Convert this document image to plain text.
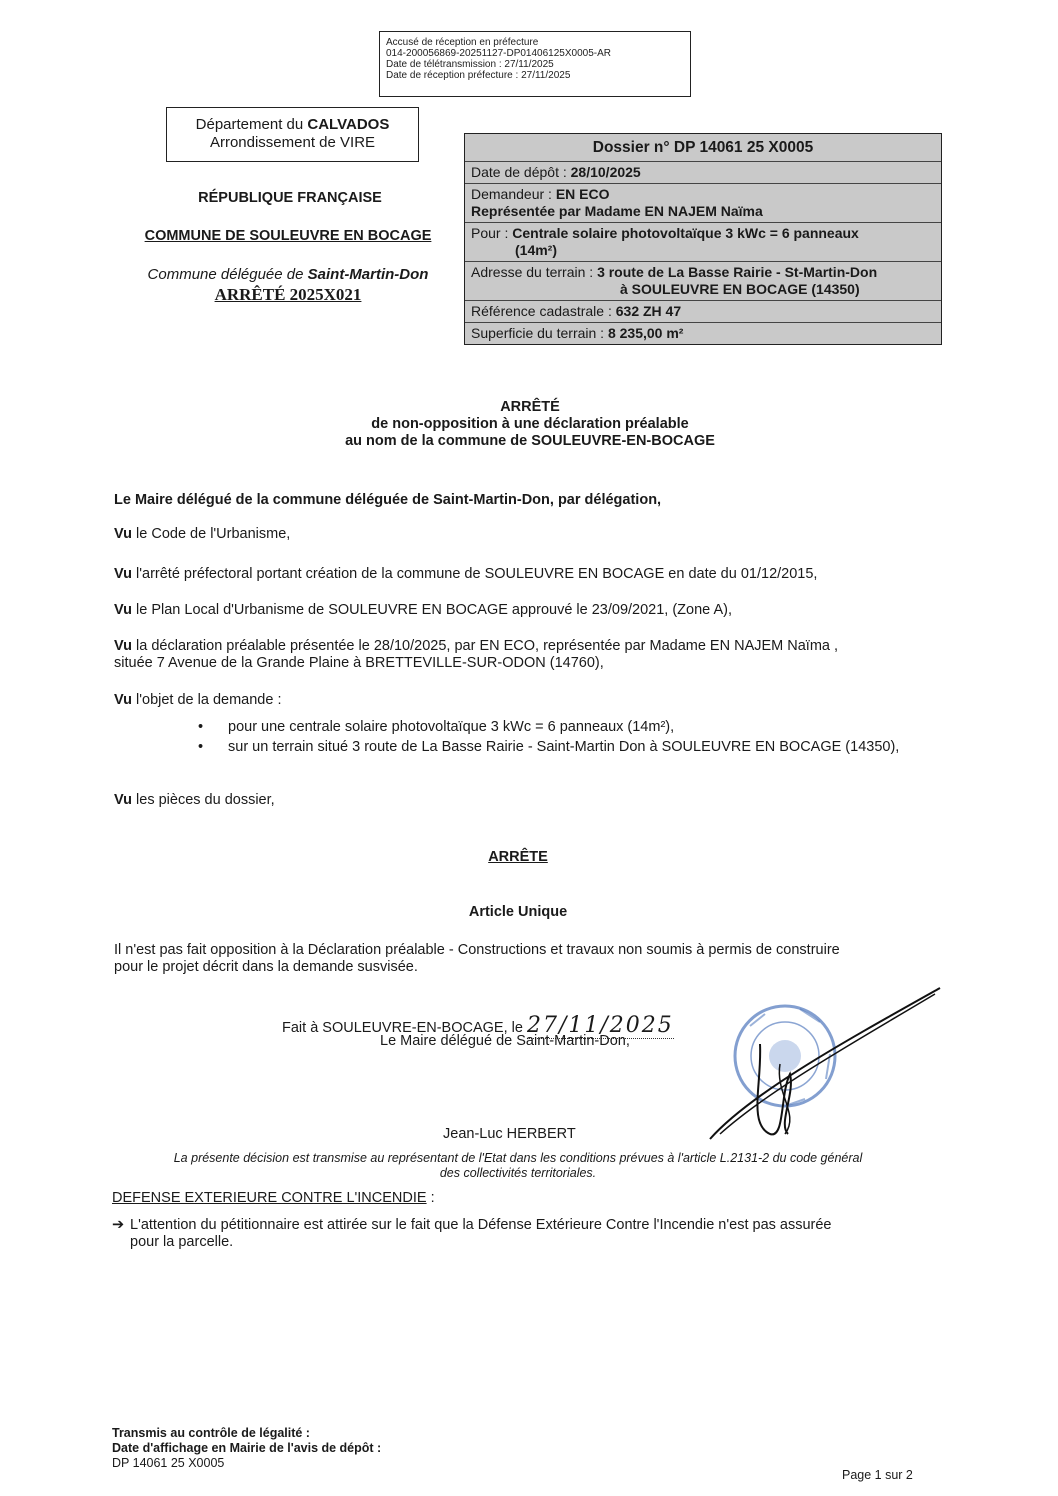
Accusé de réception en préfecture
014-200056869-20251127-DP01406125X0005-AR
Date de télétransmission : 27/11/2025
Date de réception préfecture : 27/11/2025
Département du CALVADOS
Arrondissement de VIRE
RÉPUBLIQUE FRANÇAISE
COMMUNE DE SOULEUVRE EN BOCAGE
Commune déléguée de Saint-Martin-Don
ARRÊTÉ 2025X021
Dossier n° DP 14061 25 X0005
Date de dépôt : 28/10/2025
Demandeur : EN ECO
Représentée par Madame EN NAJEM Naïma
Pour : Centrale solaire photovoltaïque 3 kWc = 6 panneaux
(14m²)
Adresse du terrain : 3 route de La Basse Rairie - St-Martin-Don
à SOULEUVRE EN BOCAGE (14350)
Référence cadastrale : 632 ZH 47
Superficie du terrain : 8 235,00 m²
ARRÊTÉ
de non-opposition à une déclaration préalable
au nom de la commune de SOULEUVRE-EN-BOCAGE
Le Maire délégué de la commune déléguée de Saint-Martin-Don, par délégation,
Vu le Code de l'Urbanisme,
Vu l'arrêté préfectoral portant création de la commune de SOULEUVRE EN BOCAGE en date du 01/12/2015,
Vu le Plan Local d'Urbanisme de SOULEUVRE EN BOCAGE approuvé le 23/09/2021, (Zone A),
Vu la déclaration préalable présentée le 28/10/2025, par EN ECO, représentée par Madame EN NAJEM Naïma ,
située 7 Avenue de la Grande Plaine à BRETTEVILLE-SUR-ODON (14760),
Vu l'objet de la demande :
• pour une centrale solaire photovoltaïque 3 kWc = 6 panneaux (14m²),
• sur un terrain situé 3 route de La Basse Rairie - Saint-Martin Don à SOULEUVRE EN BOCAGE (14350),
Vu les pièces du dossier,
ARRÊTE
Article Unique
Il n'est pas fait opposition à la Déclaration préalable - Constructions et travaux non soumis à permis de construire
pour le projet décrit dans la demande susvisée.
Fait à SOULEUVRE-EN-BOCAGE, le 27/11/2025
Le Maire délégué de Saint-Martin-Don,
Jean-Luc HERBERT
La présente décision est transmise au représentant de l'Etat dans les conditions prévues à l'article L.2131-2 du code général
des collectivités territoriales.
DEFENSE EXTERIEURE CONTRE L'INCENDIE :
➔ L'attention du pétitionnaire est attirée sur le fait que la Défense Extérieure Contre l'Incendie n'est pas assurée
pour la parcelle.
Transmis au contrôle de légalité :
Date d'affichage en Mairie de l'avis de dépôt :
DP 14061 25 X0005
Page 1 sur 2
